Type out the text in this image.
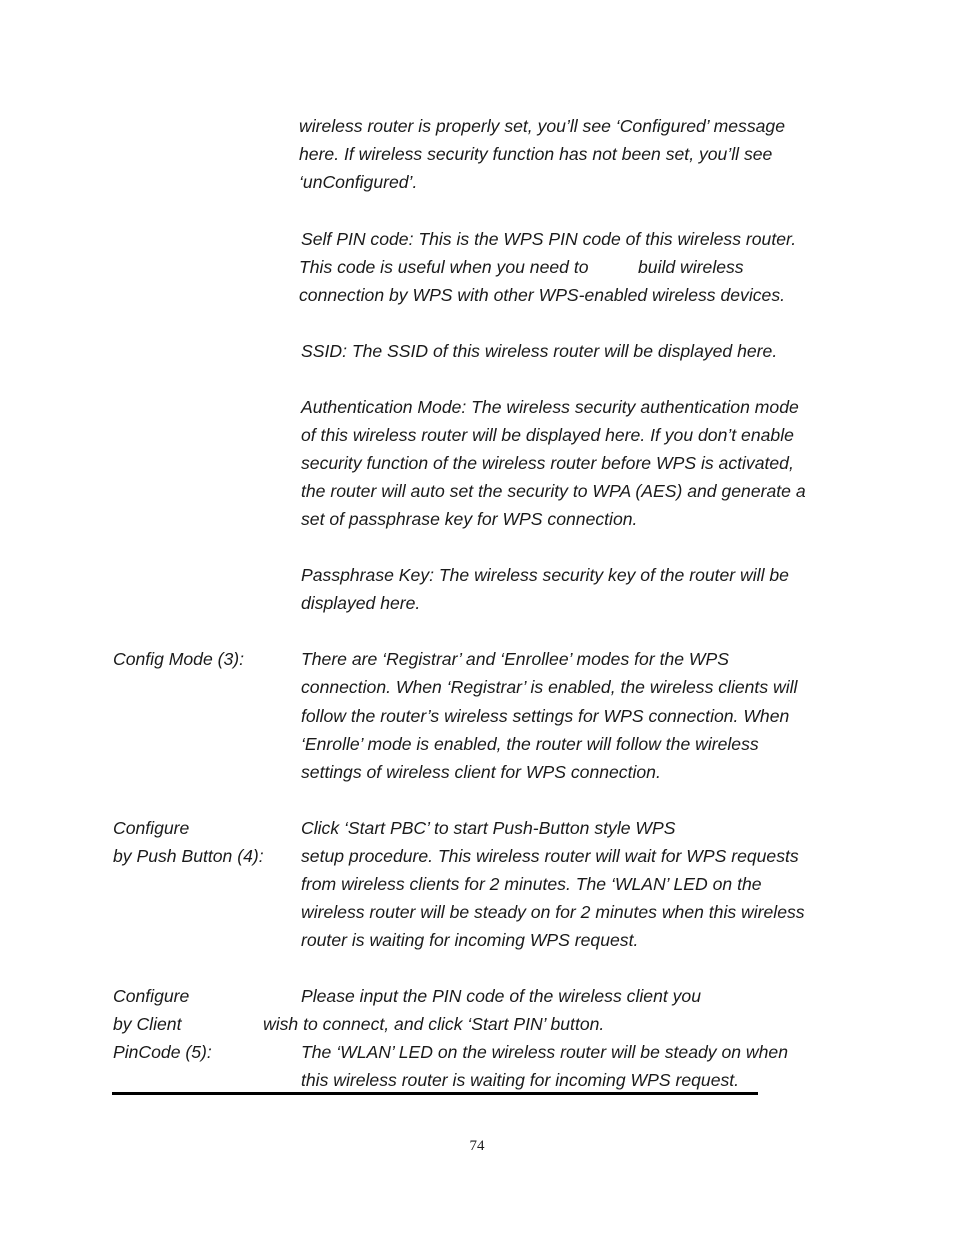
wireless router is properly set, you’ll see ‘Configured’ message
here. If wireless security function has not been set, you’ll see
‘unConfigured’.
Self PIN code: This is the WPS PIN code of this wireless router.
This code is useful when you need to	build wireless
connection by WPS with other WPS-enabled wireless devices.
SSID: The SSID of this wireless router will be displayed here.
Authentication Mode: The wireless security authentication mode
of this wireless router will be displayed here. If you don’t enable
security function of the wireless router before WPS is activated,
the router will auto set the security to WPA (AES) and generate a
set of passphrase key for WPS connection.
Passphrase Key: The wireless security key of the router will be
displayed here.
Config Mode (3):	There are ‘Registrar’ and ‘Enrollee’ modes for the WPS
connection. When ‘Registrar’ is enabled, the wireless clients will
follow the router’s wireless settings for WPS connection. When
‘Enrolle’ mode is enabled, the router will follow the wireless
settings of wireless client for WPS connection.
Configure
by Push Button (4):
Click ‘Start PBC’ to start Push-Button style WPS
setup procedure. This wireless router will wait for WPS requests
from wireless clients for 2 minutes. The ‘WLAN’ LED on the
wireless router will be steady on for 2 minutes when this wireless
router is waiting for incoming WPS request.
Configure
by Client
PinCode (5):
Please input the PIN code of the wireless client you
wish to connect, and click ‘Start PIN’ button.
The ‘WLAN’ LED on the wireless router will be steady on when
this wireless router is waiting for incoming WPS request.
74
